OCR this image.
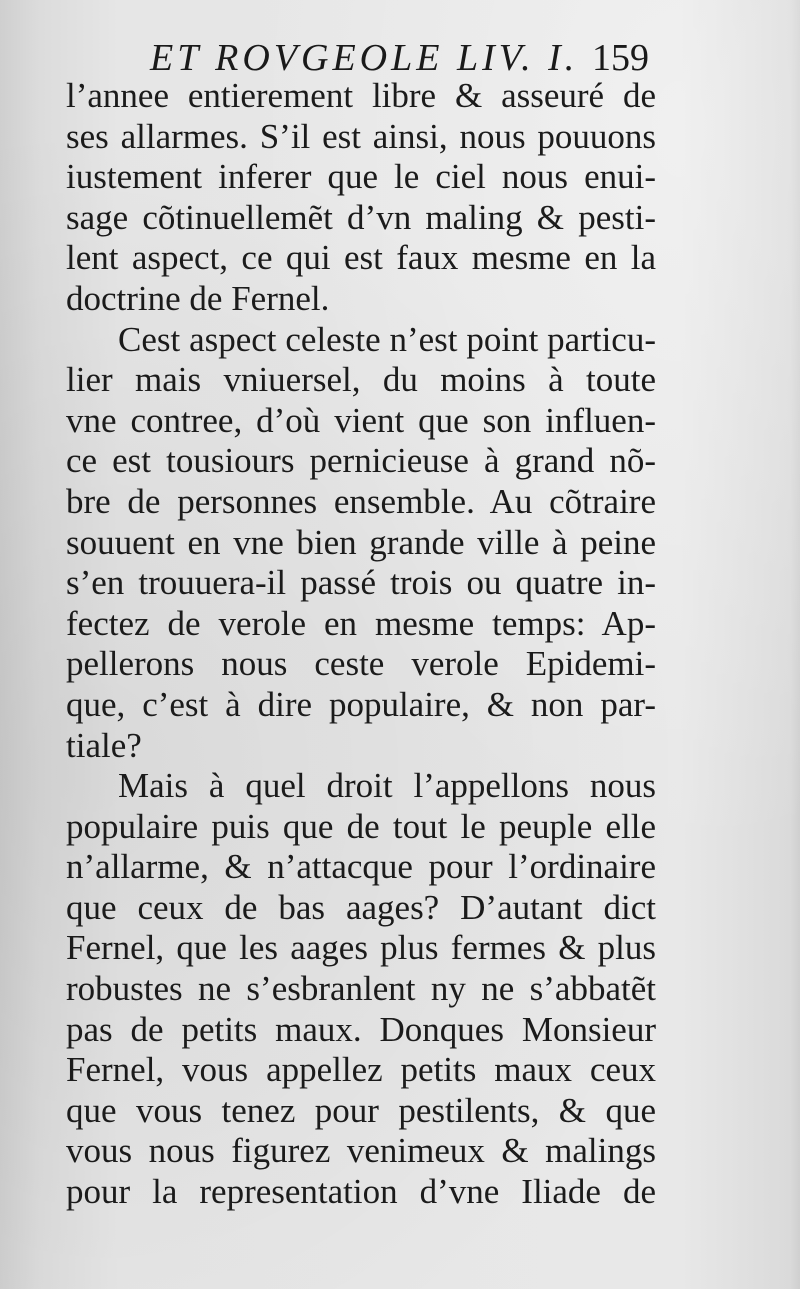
ET ROVGEOLE LIV. I. 159
l’annee entierement libre & asseuré de
ses allarmes. S’il est ainsi, nous pouuons
iustement inferer que le ciel nous enui-
sage cõtinuellemẽt d’vn maling & pesti-
lent aspect, ce qui est faux mesme en la
doctrine de Fernel.
Cest aspect celeste n’est point particu-
lier mais vniuersel, du moins à toute
vne contree, d’où vient que son influen-
ce est tousiours pernicieuse à grand nõ-
bre de personnes ensemble. Au cõtraire
souuent en vne bien grande ville à peine
s’en trouuera-il passé trois ou quatre in-
fectez de verole en mesme temps: Ap-
pellerons nous ceste verole Epidemi-
que, c’est à dire populaire, & non par-
tiale?
Mais à quel droit l’appellons nous
populaire puis que de tout le peuple elle
n’allarme, & n’attacque pour l’ordinaire
que ceux de bas aages? D’autant dict
Fernel, que les aages plus fermes & plus
robustes ne s’esbranlent ny ne s’abbatẽt
pas de petits maux. Donques Monsieur
Fernel, vous appellez petits maux ceux
que vous tenez pour pestilents, & que
vous nous figurez venimeux & malings
pour la representation d’vne Iliade de
